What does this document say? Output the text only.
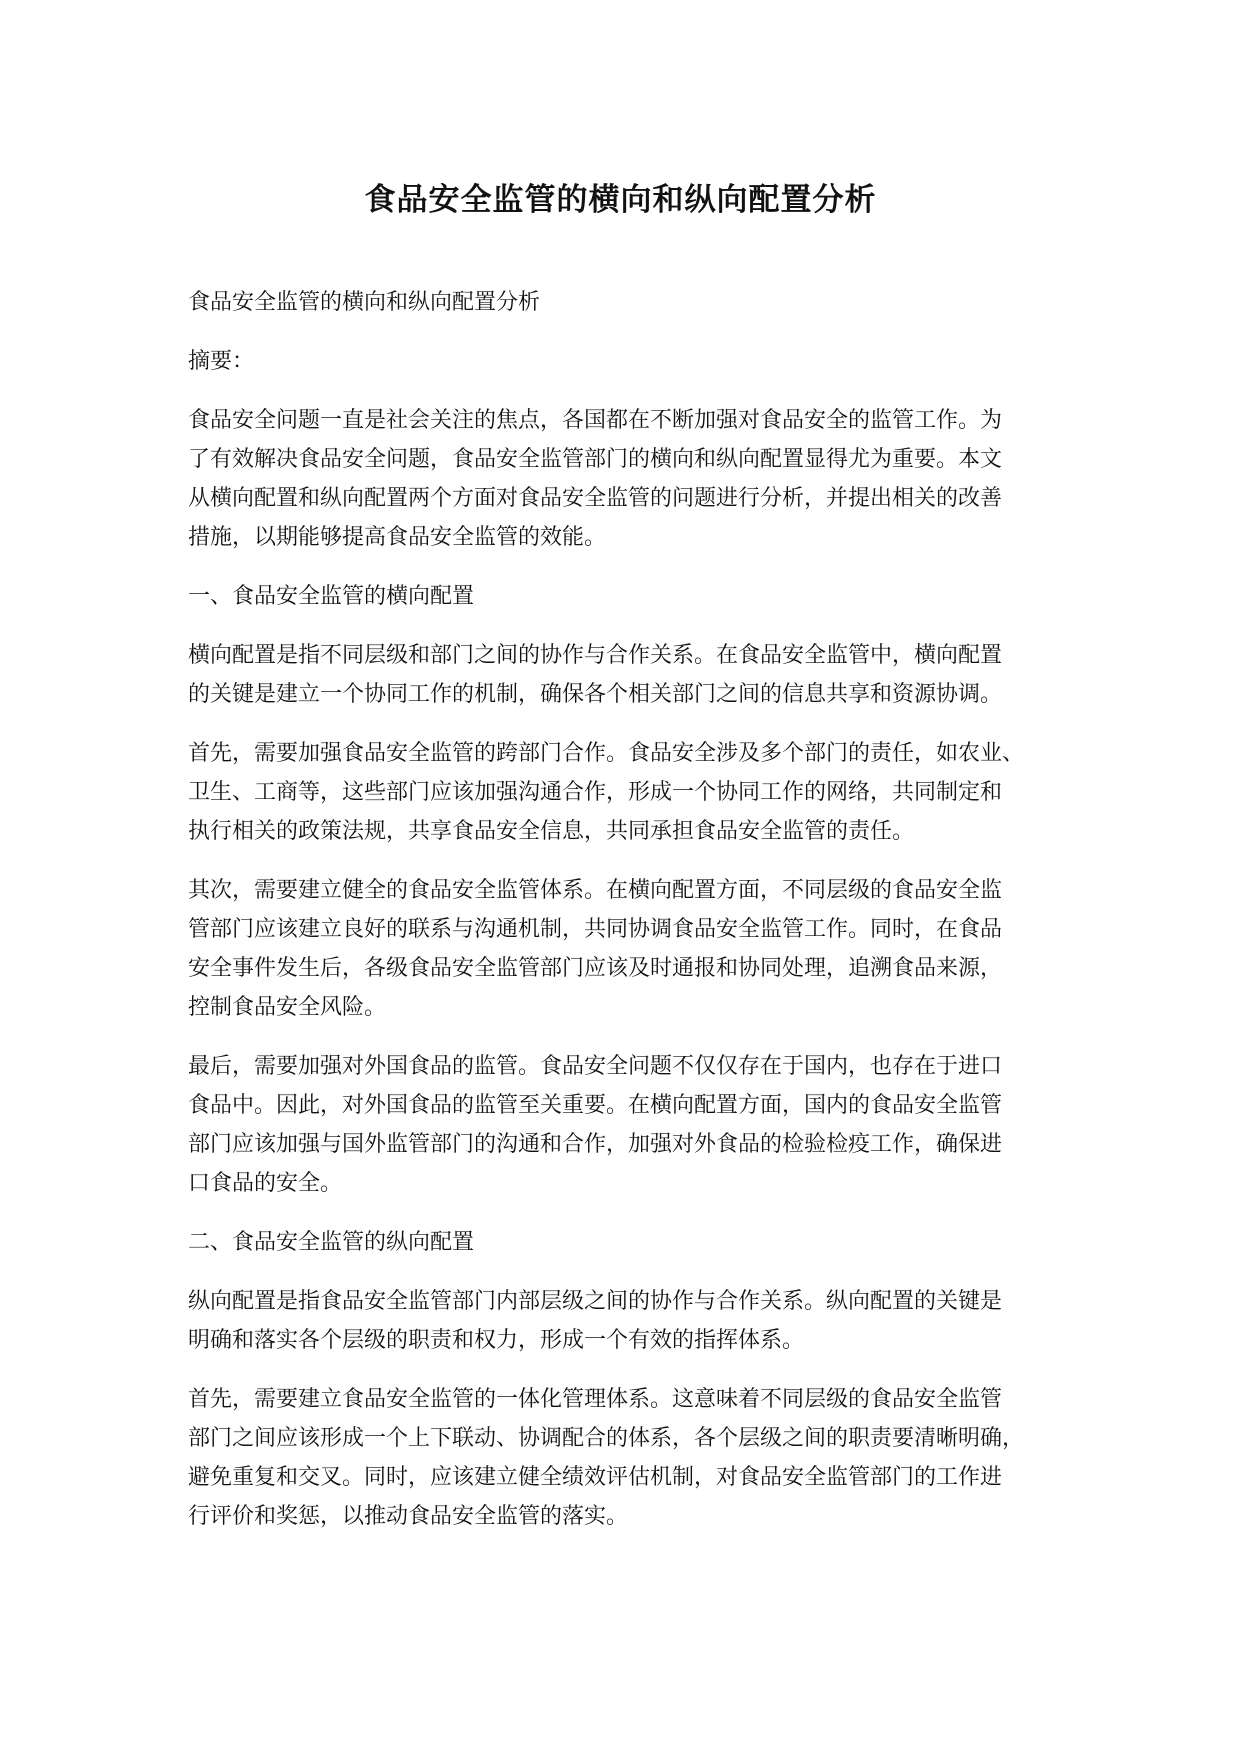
食品安全监管的横向和纵向配置分析

食品安全监管的横向和纵向配置分析

摘要：

食品安全问题一直是社会关注的焦点，各国都在不断加强对食品安全的监管工作。为
了有效解决食品安全问题，食品安全监管部门的横向和纵向配置显得尤为重要。本文
从横向配置和纵向配置两个方面对食品安全监管的问题进行分析，并提出相关的改善
措施，以期能够提高食品安全监管的效能。

一、食品安全监管的横向配置

横向配置是指不同层级和部门之间的协作与合作关系。在食品安全监管中，横向配置
的关键是建立一个协同工作的机制，确保各个相关部门之间的信息共享和资源协调。

首先，需要加强食品安全监管的跨部门合作。食品安全涉及多个部门的责任，如农业、
卫生、工商等，这些部门应该加强沟通合作，形成一个协同工作的网络，共同制定和
执行相关的政策法规，共享食品安全信息，共同承担食品安全监管的责任。

其次，需要建立健全的食品安全监管体系。在横向配置方面，不同层级的食品安全监
管部门应该建立良好的联系与沟通机制，共同协调食品安全监管工作。同时，在食品
安全事件发生后，各级食品安全监管部门应该及时通报和协同处理，追溯食品来源，
控制食品安全风险。

最后，需要加强对外国食品的监管。食品安全问题不仅仅存在于国内，也存在于进口
食品中。因此，对外国食品的监管至关重要。在横向配置方面，国内的食品安全监管
部门应该加强与国外监管部门的沟通和合作，加强对外食品的检验检疫工作，确保进
口食品的安全。

二、食品安全监管的纵向配置

纵向配置是指食品安全监管部门内部层级之间的协作与合作关系。纵向配置的关键是
明确和落实各个层级的职责和权力，形成一个有效的指挥体系。

首先，需要建立食品安全监管的一体化管理体系。这意味着不同层级的食品安全监管
部门之间应该形成一个上下联动、协调配合的体系，各个层级之间的职责要清晰明确，
避免重复和交叉。同时，应该建立健全绩效评估机制，对食品安全监管部门的工作进
行评价和奖惩，以推动食品安全监管的落实。
